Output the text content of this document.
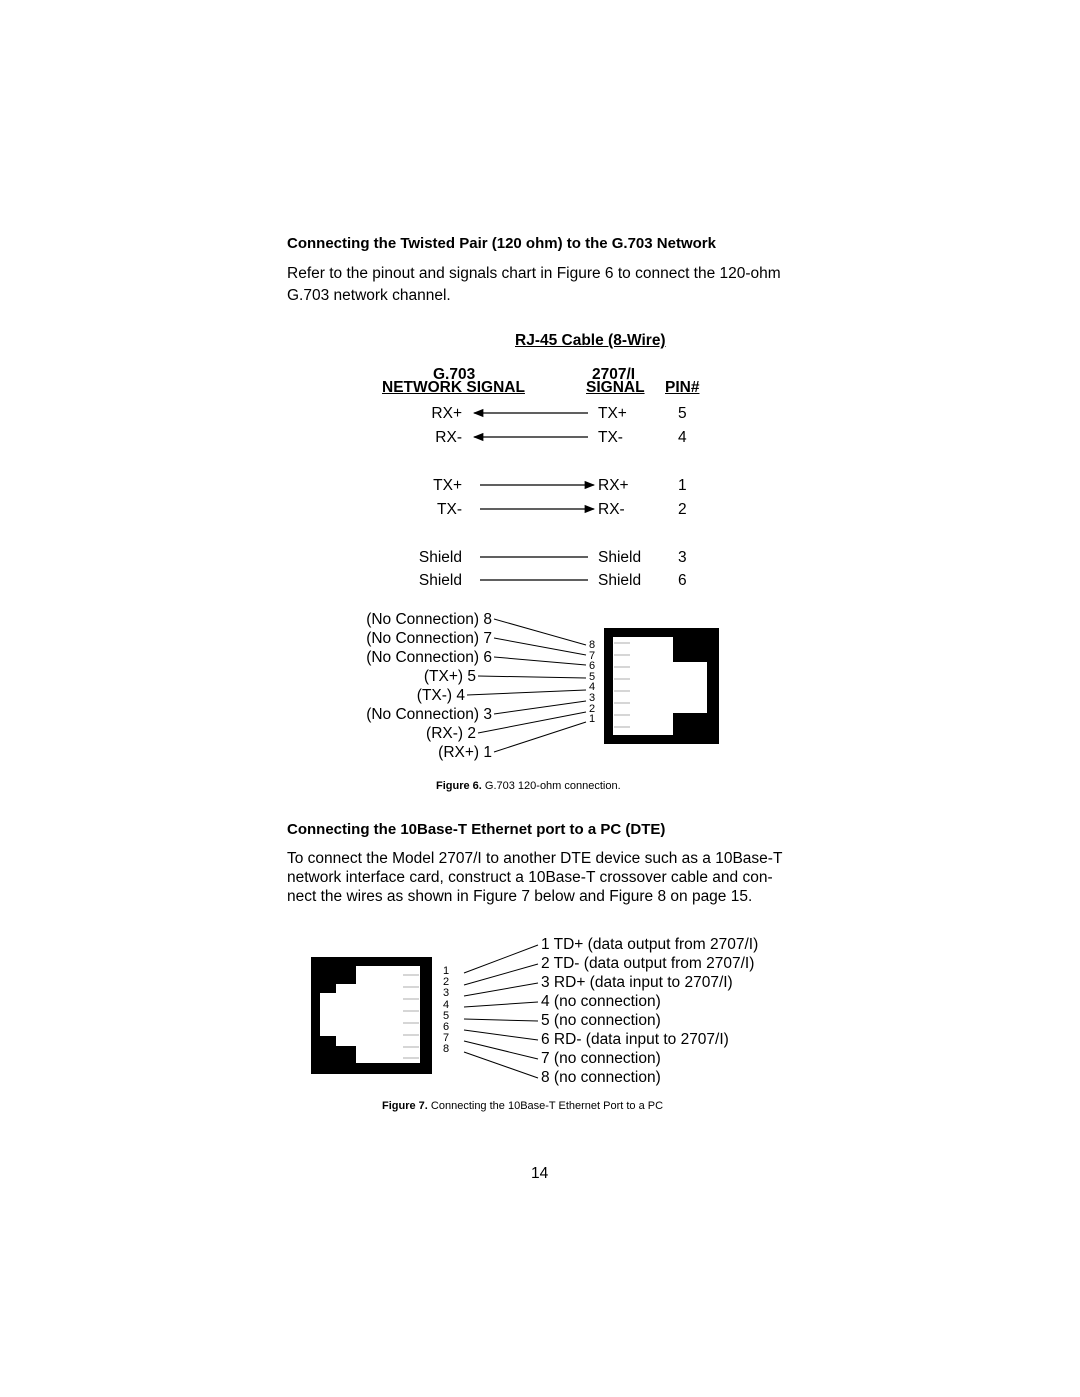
Connecting the Twisted Pair (120 ohm) to the G.703 Network
Refer to the pinout and signals chart in Figure 6 to connect the 120-ohm G.703 network channel.
RJ-45 Cable (8-Wire)
G.703
NETWORK SIGNAL
2707/I
SIGNAL PIN#
RX+	TX+	5
RX-	TX-	4
TX+	RX+	1
TX-	RX-	2
Shield	Shield 3
Shield	Shield 6
(No Connection) 8
(No Connection) 7
(No Connection) 6
(TX+) 5
(TX-) 4
(No Connection) 3
(RX-) 2
(RX+) 1
8
7
6
5
4
3
2
1
Figure 6. G.703 120-ohm connection.
Connecting the 10Base-T Ethernet port to a PC (DTE)
To connect the Model 2707/I to another DTE device such as a 10Base-T
network interface card, construct a 10Base-T crossover cable and con-
nect the wires as shown in Figure 7 below and Figure 8 on page 15.
1
2
3
4
5
6
7
8
1 TD+ (data output from 2707/I)
2 TD- (data output from 2707/I)
3 RD+ (data input to 2707/I)
4 (no connection)
5 (no connection)
6 RD- (data input to 2707/I)
7 (no connection)
8 (no connection)
Figure 7. Connecting the 10Base-T Ethernet Port to a PC
14
